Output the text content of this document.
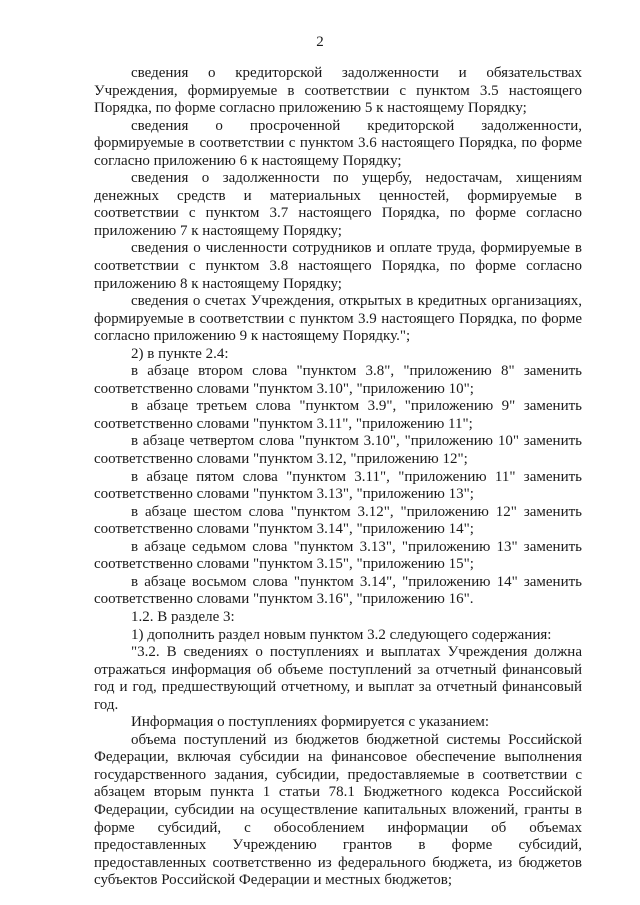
2

сведения о кредиторской задолженности и обязательствах Учреждения, формируемые в соответствии с пунктом 3.5 настоящего Порядка, по форме согласно приложению 5 к настоящему Порядку;

сведения о просроченной кредиторской задолженности, формируемые в соответствии с пунктом 3.6 настоящего Порядка, по форме согласно приложению 6 к настоящему Порядку;

сведения о задолженности по ущербу, недостачам, хищениям денежных средств и материальных ценностей, формируемые в соответствии с пунктом 3.7 настоящего Порядка, по форме согласно приложению 7 к настоящему Порядку;

сведения о численности сотрудников и оплате труда, формируемые в соответствии с пунктом 3.8 настоящего Порядка, по форме согласно приложению 8 к настоящему Порядку;

сведения о счетах Учреждения, открытых в кредитных организациях, формируемые в соответствии с пунктом 3.9 настоящего Порядка, по форме согласно приложению 9 к настоящему Порядку.";

2) в пункте 2.4:

в абзаце втором слова "пунктом 3.8", "приложению 8" заменить соответственно словами "пунктом 3.10", "приложению 10";

в абзаце третьем слова "пунктом 3.9", "приложению 9" заменить соответственно словами "пунктом 3.11", "приложению 11";

в абзаце четвертом слова "пунктом 3.10", "приложению 10" заменить соответственно словами "пунктом 3.12, "приложению 12";

в абзаце пятом слова "пунктом 3.11", "приложению 11" заменить соответственно словами "пунктом 3.13", "приложению 13";

в абзаце шестом слова "пунктом 3.12", "приложению 12" заменить соответственно словами "пунктом 3.14", "приложению 14";

в абзаце седьмом слова "пунктом 3.13", "приложению 13" заменить соответственно словами "пунктом 3.15", "приложению 15";

в абзаце восьмом слова "пунктом 3.14", "приложению 14" заменить соответственно словами "пунктом 3.16", "приложению 16".

1.2. В разделе 3:

1) дополнить раздел новым пунктом 3.2 следующего содержания:

"3.2. В сведениях о поступлениях и выплатах Учреждения должна отражаться информация об объеме поступлений за отчетный финансовый год и год, предшествующий отчетному, и выплат за отчетный финансовый год.

Информация о поступлениях формируется с указанием:

объема поступлений из бюджетов бюджетной системы Российской Федерации, включая субсидии на финансовое обеспечение выполнения государственного задания, субсидии, предоставляемые в соответствии с абзацем вторым пункта 1 статьи 78.1 Бюджетного кодекса Российской Федерации, субсидии на осуществление капитальных вложений, гранты в форме субсидий, с обособлением информации об объемах предоставленных Учреждению грантов в форме субсидий, предоставленных соответственно из федерального бюджета, из бюджетов субъектов Российской Федерации и местных бюджетов;
